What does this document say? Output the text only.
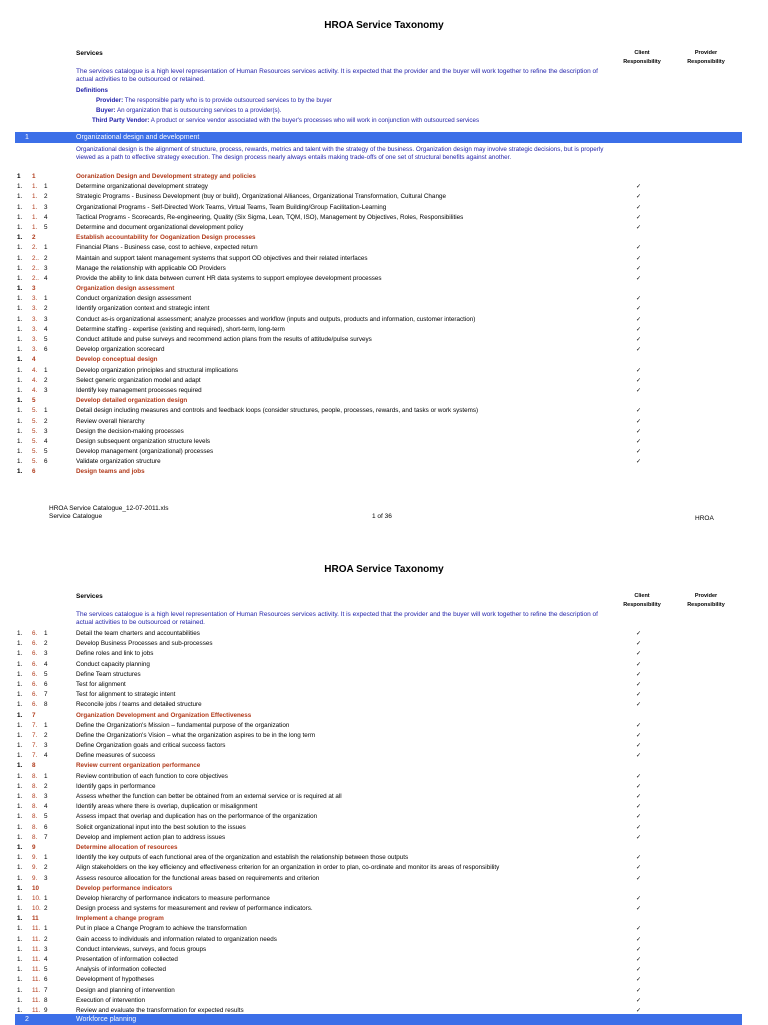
HROA Service Taxonomy
Services	Client
Responsibility
Provider
Responsibility
The services catalogue is a high level representation of Human Resources services activity. It is expected that the provider and the buyer will work together to refine the description of actual activities to be outsourced or retained.
Definitions
Provider: The responsible party who is to provide outsourced services to by the buyer
Buyer: An organization that is outsourcing services to a provider(s).
Third Party Vendor: A product or service vendor associated with the buyer's processes who will work in conjunction with outsourced services
1	Organizational design and development
Organizational design is the alignment of structure, process, rewards, metrics and talent with the strategy of the business. Organization design may involve strategic decisions, but is properly viewed as a path to effective strategy execution. The design process nearly always entails making trade-offs of one set of structural benefits against another.
1 1	Ooranization Design and Development strategy and policies
1. 1. 1	Determine organizational development strategy	✓
1. 1. 2	Strategic Programs - Business Development (buy or build), Organizational Alliances, Organizational Transformation, Cultural Change	✓
1. 1. 3	Organizational Programs - Self-Directed Work Teams, Virtual Teams, Team Building/Group Facilitation-Learning	✓
1. 1. 4	Tactical Programs - Scorecards, Re-engineering, Quality (Six Sigma, Lean, TQM, ISO), Management by Objectives, Roles, Responsibilities	✓
1. 1. 5	Determine and document organizational development policy	✓
1. 2	Establish accountability for Ooganization Design processes
1. 2. 1	Financial Plans - Business case, cost to achieve, expected return	✓
1. 2.. 2	Maintain and support talent management systems that support OD objectives and their related interfaces	✓
1. 2.. 3	Manage the relationship with applicable OD Providers	✓
1. 2.. 4	Provide the ability to link data between current HR data systems to support employee development processes	✓
1. 3	Organization design assessment
1. 3. 1	Conduct organization design assessment	✓
1. 3. 2	Identify organization context and strategic intent	✓
1. 3. 3	Conduct as-is organizational assessment; analyze processes and workflow (inputs and outputs, products and information, customer interaction)	✓
1. 3. 4	Determine staffing - expertise (existing and required), short-term, long-term	✓
1. 3. 5	Conduct attitude and pulse surveys and recommend action plans from the results of attitude/pulse surveys	✓
1. 3. 6	Develop organization scorecard	✓
1. 4	Develop conceptual design
1. 4. 1	Develop organization principles and structural implications	✓
1. 4. 2	Select generic organization model and adapt	✓
1. 4. 3	Identify key management processes required	✓
1. 5	Develop detailed organization design
1. 5. 1	Detail design including measures and controls and feedback loops (consider structures, people, processes, rewards, and tasks or work systems)	✓
1. 5. 2	Review overall hierarchy	✓
1. 5. 3	Design the decision-making processes	✓
1. 5. 4	Design subsequent organization structure levels	✓
1. 5. 5	Develop management (organizational) processes	✓
1. 5. 6	Validate organization structure	✓
1. 6	Design teams and jobs
HROA Service Catalogue_12-07-2011.xls
Service Catalogue	1 of 36	HROA
HROA Service Taxonomy
Services	Client
Responsibility
Provider
Responsibility
The services catalogue is a high level representation of Human Resources services activity. It is expected that the provider and the buyer will work together to refine the description of actual activities to be outsourced or retained.
1. 6. 1	Detail the team charters and accountabilities	✓
1. 6. 2	Develop Business Processes and sub-processes	✓
1. 6. 3	Define roles and link to jobs	✓
1. 6. 4	Conduct capacity planning	✓
1. 6. 5	Define Team structures	✓
1. 6. 6	Test for alignment	✓
1. 6. 7	Test for alignment to strategic intent	✓
1. 6. 8	Reconcile jobs / teams and detailed structure	✓
1. 7	Organization Development and Organization Effectiveness
1. 7. 1	Define the Organization's Mission – fundamental purpose of the organization	✓
1. 7. 2	Define the Organization's Vision – what the organization aspires to be in the long term	✓
1. 7. 3	Define Organization goals and critical success factors	✓
1. 7. 4	Define measures of success	✓
1. 8	Review current organization performance
1. 8. 1	Review contribution of each function to core objectives	✓
1. 8. 2	Identify gaps in performance	✓
1. 8. 3	Assess whether the function can better be obtained from an external service or is required at all	✓
1. 8. 4	Identify areas where there is overlap, duplication or misalignment	✓
1. 8. 5	Assess impact that overlap and duplication has on the performance of the organization	✓
1. 8. 6	Solicit organizational input into the best solution to the issues	✓
1. 8. 7	Develop and implement action plan to address issues	✓
1. 9	Determine allocation of resources
1. 9. 1	Identify the key outputs of each functional area of the organization and establish the relationship between those outputs	✓
1. 9. 2	Align stakeholders on the key efficiency and effectiveness criterion for an organization in order to plan, co-ordinate and monitor its areas of responsibility	✓
1. 9. 3	Assess resource allocation for the functional areas based on requirements and criterion	✓
1. 10	Develop performance indicators
1. 10. 1	Develop hierarchy of performance indicators to measure performance	✓
1. 10. 2	Design process and systems for measurement and review of performance indicators.	✓
1. 11	Implement a change program
1. 11. 1	Put in place a Change Program to achieve the transformation	✓
1. 11. 2	Gain access to individuals and information related to organization needs	✓
1. 11. 3	Conduct interviews, surveys, and focus groups	✓
1. 11. 4	Presentation of information collected	✓
1. 11. 5	Analysis of information collected	✓
1. 11. 6	Development of hypotheses	✓
1. 11. 7	Design and planning of intervention	✓
1. 11. 8	Execution of intervention	✓
1. 11. 9	Review and evaluate the transformation for expected results	✓
2	Workforce planning
